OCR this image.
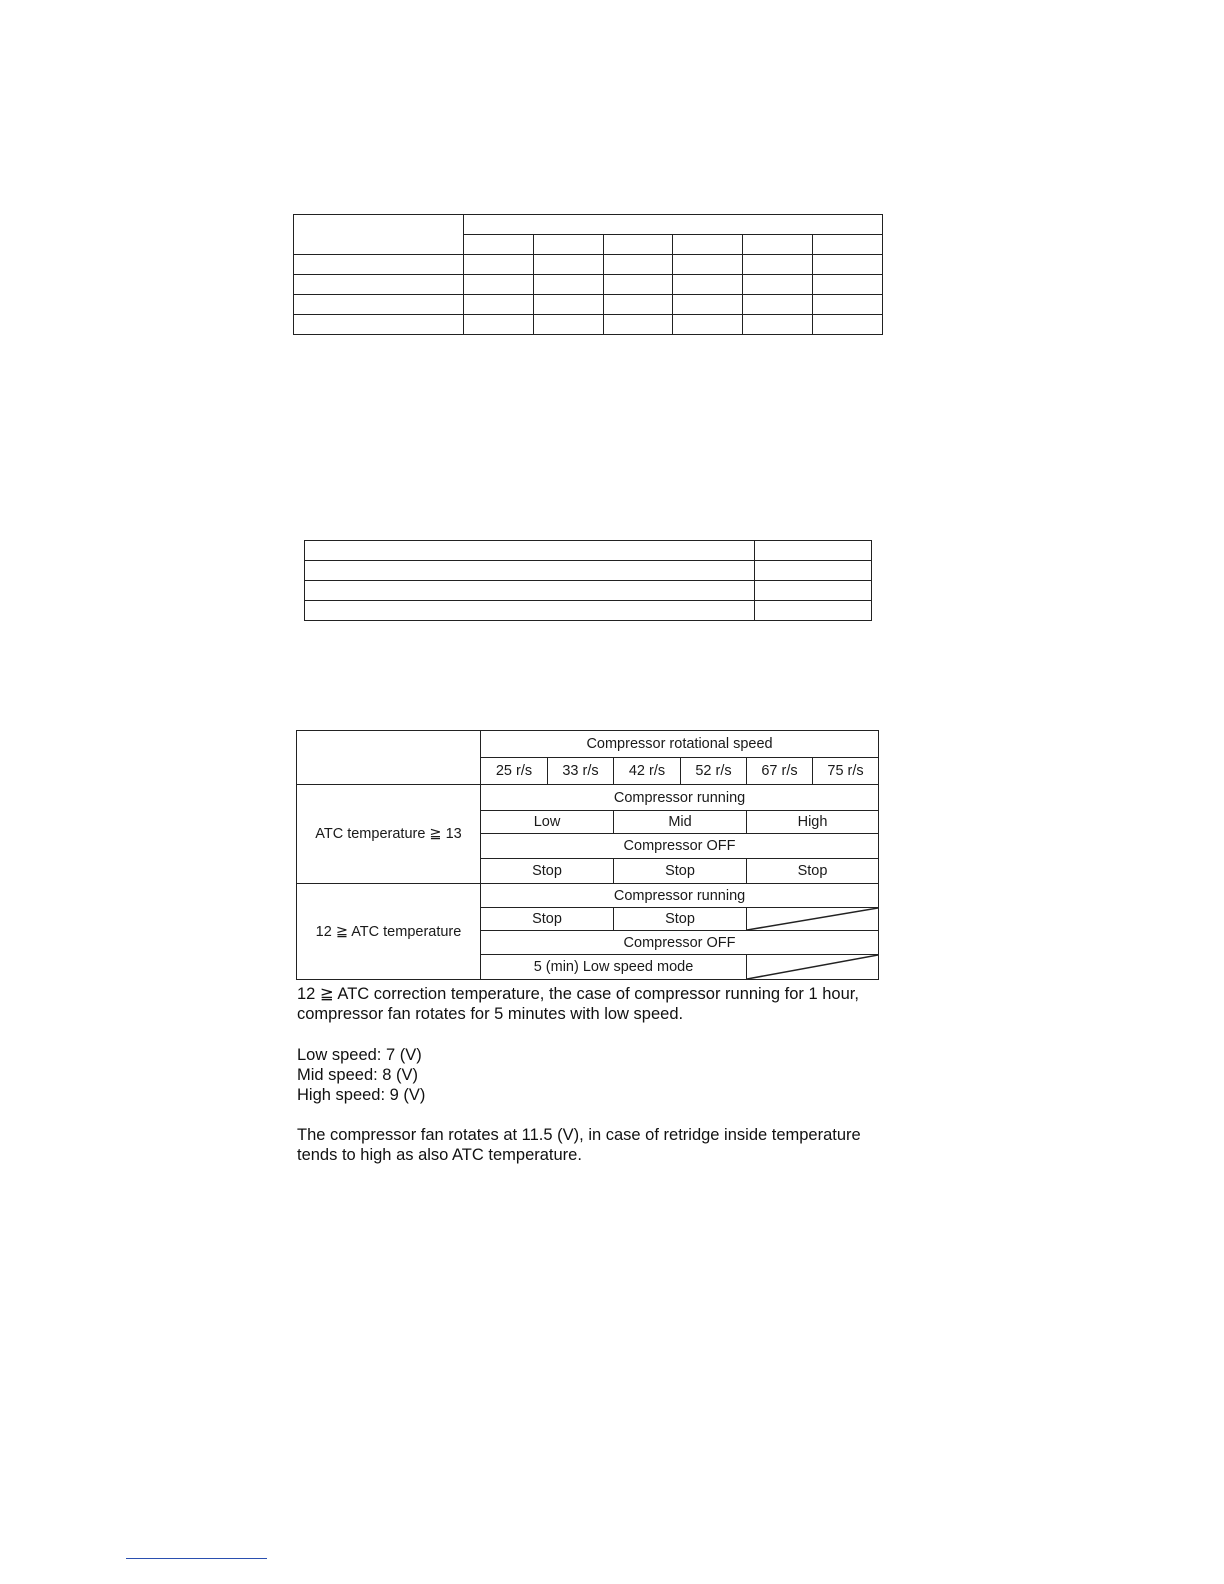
	Compressor rotational speed					
	25 r/s	33 r/s	42 r/s	52 r/s	67 r/s	75 r/s
ATC temperature ≧ 13	Compressor running					
	Low		Mid		High	
	Compressor OFF					
	Stop		Stop		Stop	
12 ≧ ATC temperature	Compressor running					
	Stop		Stop	

	Compressor OFF					
	5 (min) Low speed mode	
12 ≧ ATC correction temperature, the case of compressor running for 1 hour,
compressor fan rotates for 5 minutes with low speed.
Low speed: 7 (V)
Mid speed: 8 (V)
High speed: 9 (V)
The compressor fan rotates at 11.5 (V), in case of retridge inside temperature
tends to high as also ATC temperature.
